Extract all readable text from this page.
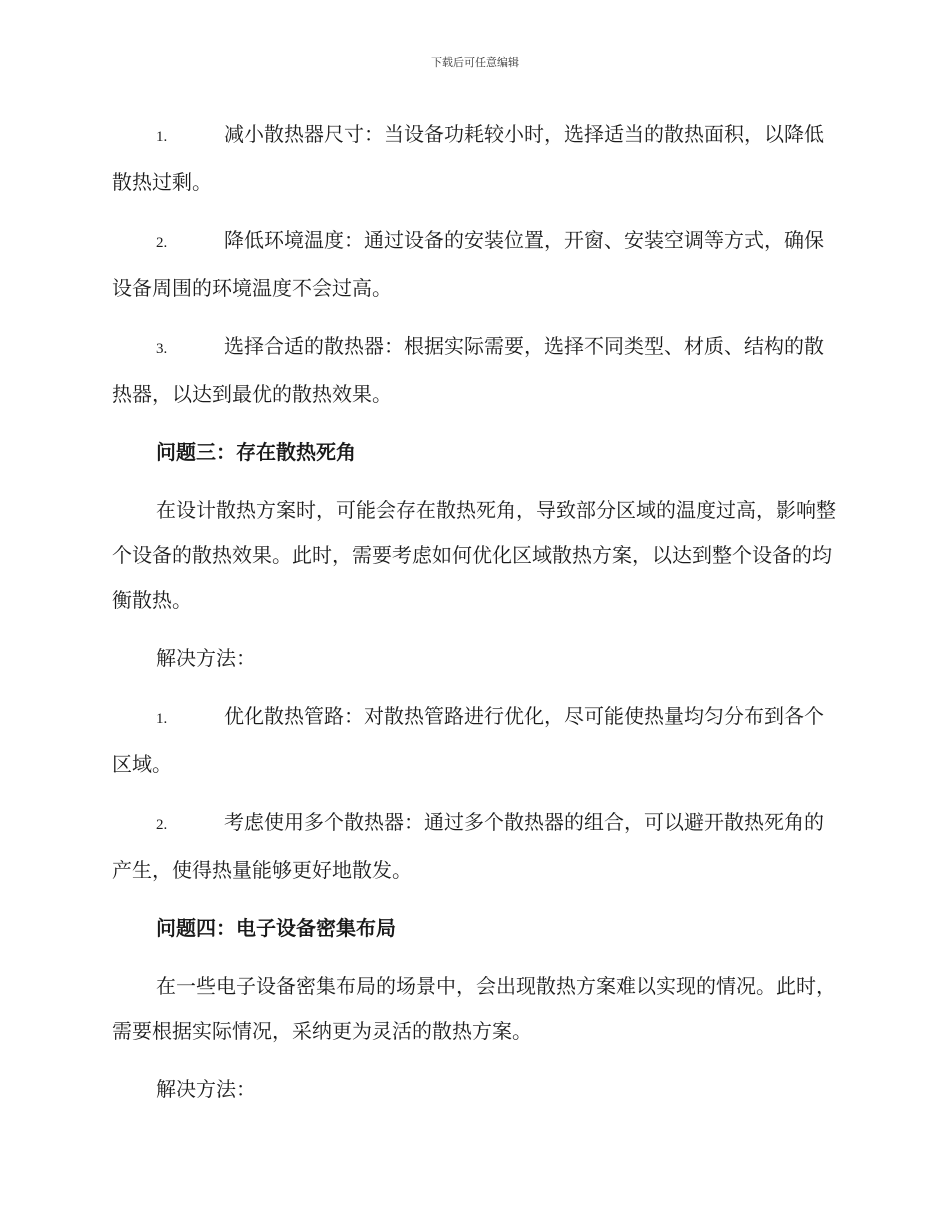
下载后可任意编辑
1.	减小散热器尺寸：当设备功耗较小时，选择适当的散热面积，以降低散热过剩。
2.	降低环境温度：通过设备的安装位置，开窗、安装空调等方式，确保设备周围的环境温度不会过高。
3.	选择合适的散热器：根据实际需要，选择不同类型、材质、结构的散热器，以达到最优的散热效果。
问题三：存在散热死角
在设计散热方案时，可能会存在散热死角，导致部分区域的温度过高，影响整个设备的散热效果。此时，需要考虑如何优化区域散热方案，以达到整个设备的均衡散热。
解决方法：
1.	优化散热管路：对散热管路进行优化，尽可能使热量均匀分布到各个区域。
2.	考虑使用多个散热器：通过多个散热器的组合，可以避开散热死角的产生，使得热量能够更好地散发。
问题四：电子设备密集布局
在一些电子设备密集布局的场景中，会出现散热方案难以实现的情况。此时，需要根据实际情况，采纳更为灵活的散热方案。
解决方法：
